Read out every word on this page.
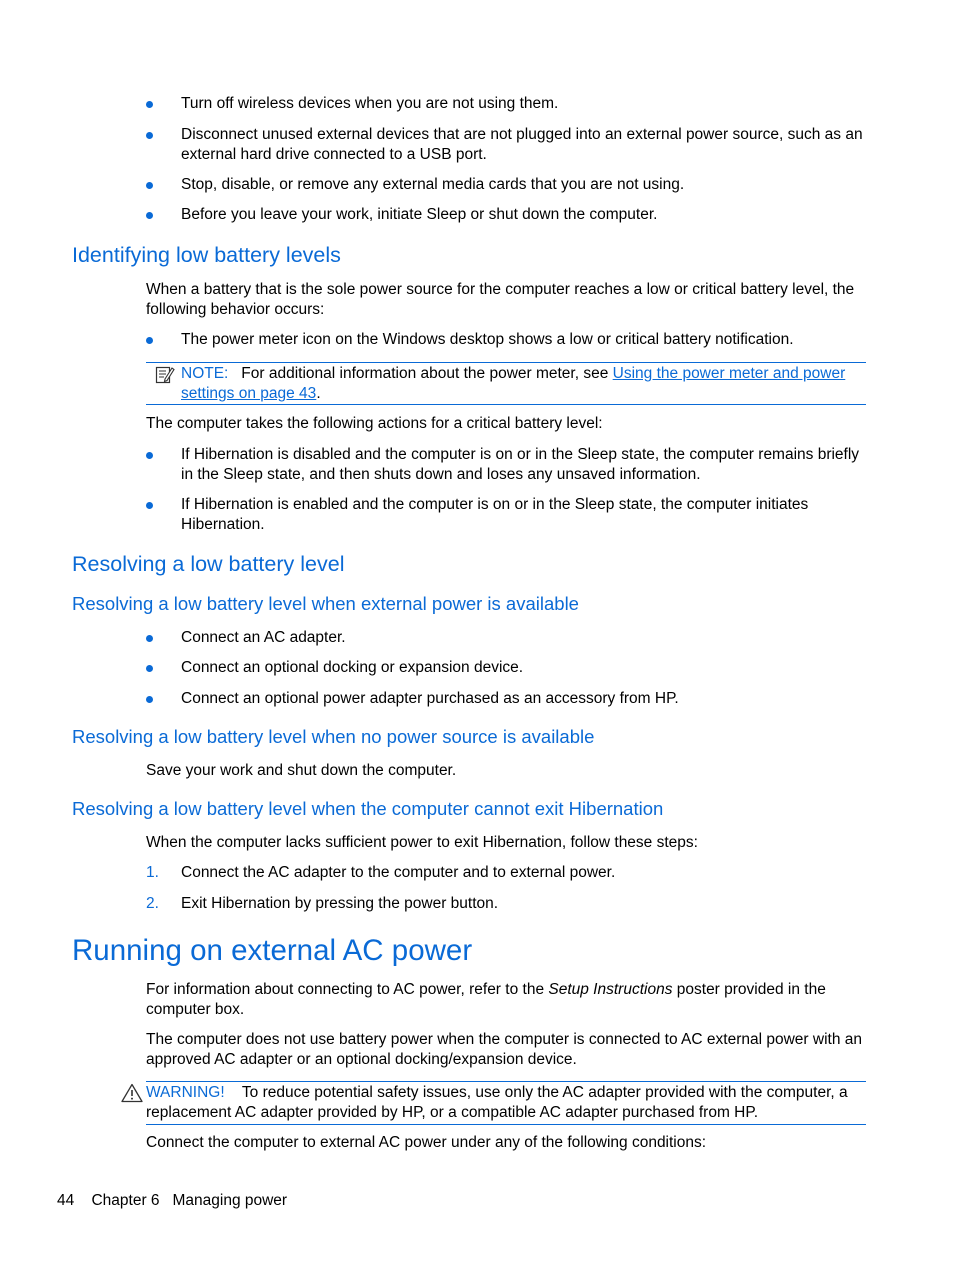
Turn off wireless devices when you are not using them.
Disconnect unused external devices that are not plugged into an external power source, such as an external hard drive connected to a USB port.
Stop, disable, or remove any external media cards that you are not using.
Before you leave your work, initiate Sleep or shut down the computer.
Identifying low battery levels
When a battery that is the sole power source for the computer reaches a low or critical battery level, the following behavior occurs:
The power meter icon on the Windows desktop shows a low or critical battery notification.
NOTE: For additional information about the power meter, see Using the power meter and power settings on page 43.
The computer takes the following actions for a critical battery level:
If Hibernation is disabled and the computer is on or in the Sleep state, the computer remains briefly in the Sleep state, and then shuts down and loses any unsaved information.
If Hibernation is enabled and the computer is on or in the Sleep state, the computer initiates Hibernation.
Resolving a low battery level
Resolving a low battery level when external power is available
Connect an AC adapter.
Connect an optional docking or expansion device.
Connect an optional power adapter purchased as an accessory from HP.
Resolving a low battery level when no power source is available
Save your work and shut down the computer.
Resolving a low battery level when the computer cannot exit Hibernation
When the computer lacks sufficient power to exit Hibernation, follow these steps:
1. Connect the AC adapter to the computer and to external power.
2. Exit Hibernation by pressing the power button.
Running on external AC power
For information about connecting to AC power, refer to the Setup Instructions poster provided in the computer box.
The computer does not use battery power when the computer is connected to AC external power with an approved AC adapter or an optional docking/expansion device.
WARNING! To reduce potential safety issues, use only the AC adapter provided with the computer, a replacement AC adapter provided by HP, or a compatible AC adapter purchased from HP.
Connect the computer to external AC power under any of the following conditions:
44 Chapter 6 Managing power
